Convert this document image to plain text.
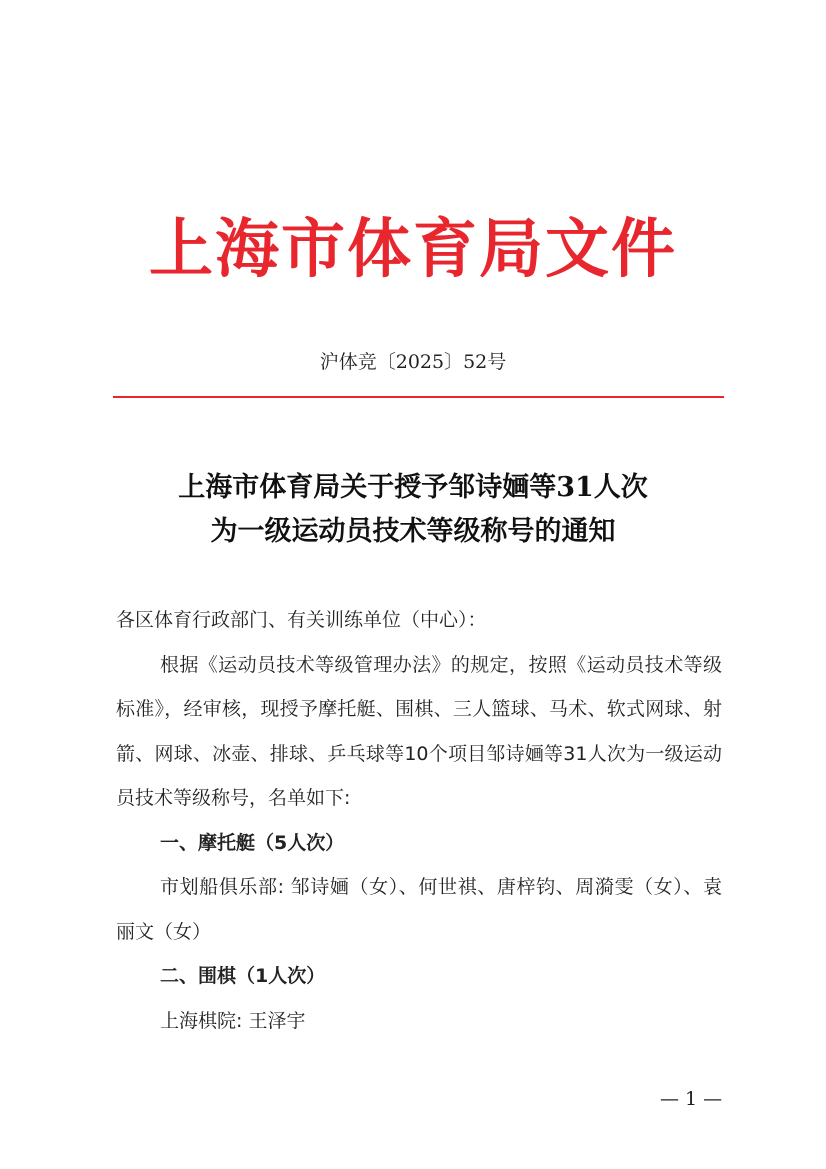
上海市体育局文件
沪体竞〔2025〕52号
上海市体育局关于授予邹诗婳等31人次
为一级运动员技术等级称号的通知

各区体育行政部门、有关训练单位（中心）：

根据《运动员技术等级管理办法》的规定，按照《运动员技术等级标准》，经审核，现授予摩托艇、围棋、三人篮球、马术、软式网球、射箭、网球、冰壶、排球、乒乓球等10个项目邹诗婳等31人次为一级运动员技术等级称号，名单如下:

一、摩托艇（5人次）

市划船俱乐部: 邹诗婳（女）、何世祺、唐梓钧、周漪雯（女）、袁丽文（女）

二、围棋（1人次）

上海棋院: 王泽宇

— 1 —
